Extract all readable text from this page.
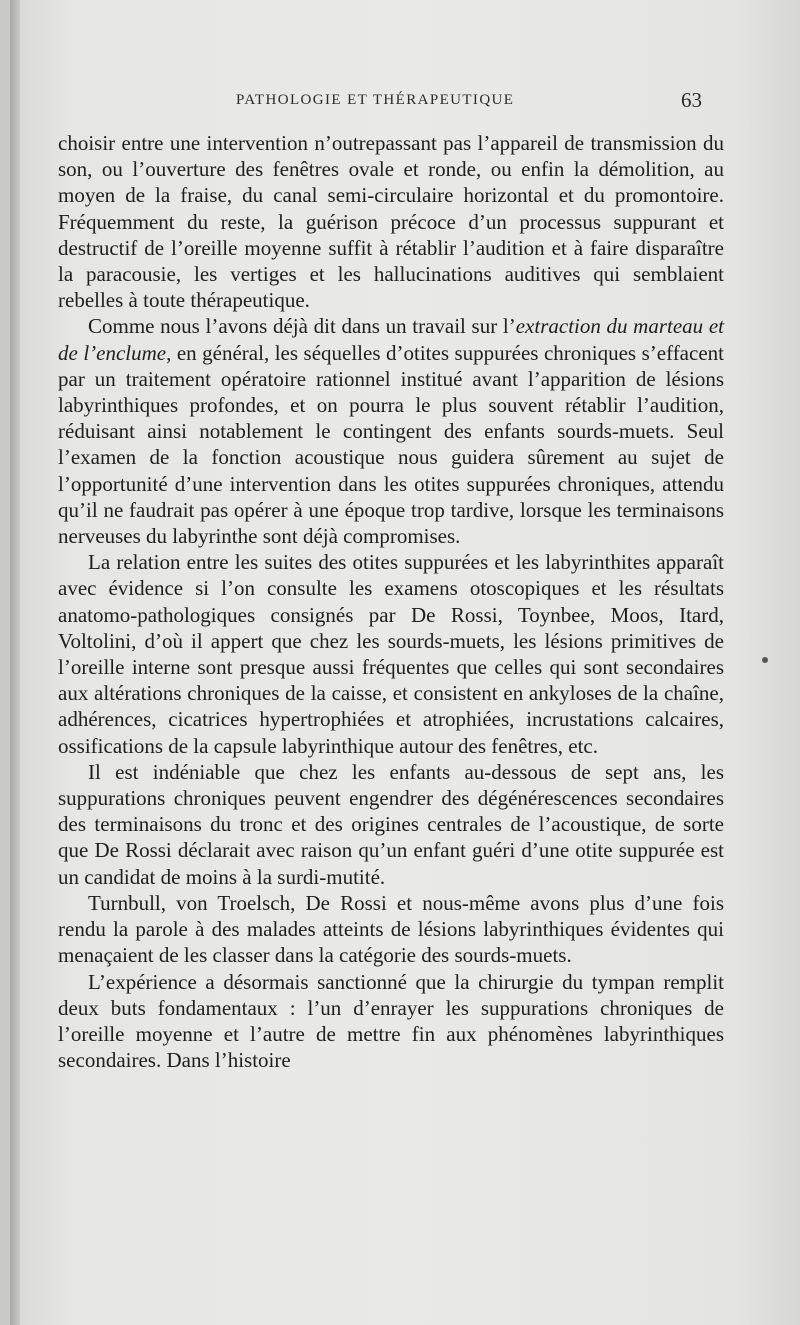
PATHOLOGIE ET THÉRAPEUTIQUE	63

choisir entre une intervention n’outrepassant pas l’appareil de transmission du son, ou l’ouverture des fenêtres ovale et ronde, ou enfin la démolition, au moyen de la fraise, du canal semi-circulaire horizontal et du promontoire. Fréquemment du reste, la guérison précoce d’un processus suppurant et destructif de l’oreille moyenne suffit à rétablir l’audition et à faire disparaître la paracousie, les vertiges et les hallucinations auditives qui semblaient rebelles à toute thérapeutique.

Comme nous l’avons déjà dit dans un travail sur l’extraction du marteau et de l’enclume, en général, les séquelles d’otites suppurées chroniques s’effacent par un traitement opératoire rationnel institué avant l’apparition de lésions labyrinthiques profondes, et on pourra le plus souvent rétablir l’audition, réduisant ainsi notablement le contingent des enfants sourds-muets. Seul l’examen de la fonction acoustique nous guidera sûrement au sujet de l’opportunité d’une intervention dans les otites suppurées chroniques, attendu qu’il ne faudrait pas opérer à une époque trop tardive, lorsque les terminaisons nerveuses du labyrinthe sont déjà compromises.

La relation entre les suites des otites suppurées et les labyrinthites apparaît avec évidence si l’on consulte les examens otoscopiques et les résultats anatomo-pathologiques consignés par De Rossi, Toynbee, Moos, Itard, Voltolini, d’où il appert que chez les sourds-muets, les lésions primitives de l’oreille interne sont presque aussi fréquentes que celles qui sont secondaires aux altérations chroniques de la caisse, et consistent en ankyloses de la chaîne, adhérences, cicatrices hypertrophiées et atrophiées, incrustations calcaires, ossifications de la capsule labyrinthique autour des fenêtres, etc.

Il est indéniable que chez les enfants au-dessous de sept ans, les suppurations chroniques peuvent engendrer des dégénérescences secondaires des terminaisons du tronc et des origines centrales de l’acoustique, de sorte que De Rossi déclarait avec raison qu’un enfant guéri d’une otite suppurée est un candidat de moins à la surdi-mutité.

Turnbull, von Troelsch, De Rossi et nous-même avons plus d’une fois rendu la parole à des malades atteints de lésions labyrinthiques évidentes qui menaçaient de les classer dans la catégorie des sourds-muets.

L’expérience a désormais sanctionné que la chirurgie du tympan remplit deux buts fondamentaux : l’un d’enrayer les suppurations chroniques de l’oreille moyenne et l’autre de mettre fin aux phénomènes labyrinthiques secondaires. Dans l’histoire
